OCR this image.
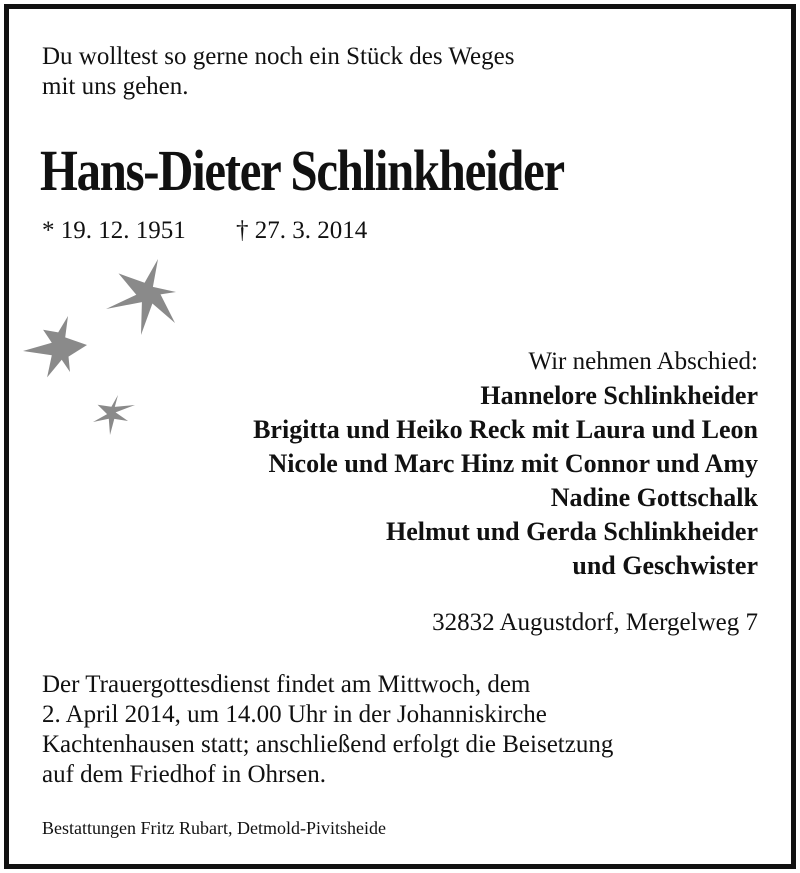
Du wolltest so gerne noch ein Stück des Weges
mit uns gehen.

Hans-Dieter Schlinkheider
* 19. 12. 1951 † 27. 3. 2014
Wir nehmen Abschied:
Hannelore Schlinkheider
Brigitta und Heiko Reck mit Laura und Leon
Nicole und Marc Hinz mit Connor und Amy
Nadine Gottschalk
Helmut und Gerda Schlinkheider
und Geschwister
32832 Augustdorf, Mergelweg 7
Der Trauergottesdienst findet am Mittwoch, dem
2. April 2014, um 14.00 Uhr in der Johanniskirche
Kachtenhausen statt; anschließend erfolgt die Beisetzung
auf dem Friedhof in Ohrsen.
Bestattungen Fritz Rubart, Detmold-Pivitsheide
